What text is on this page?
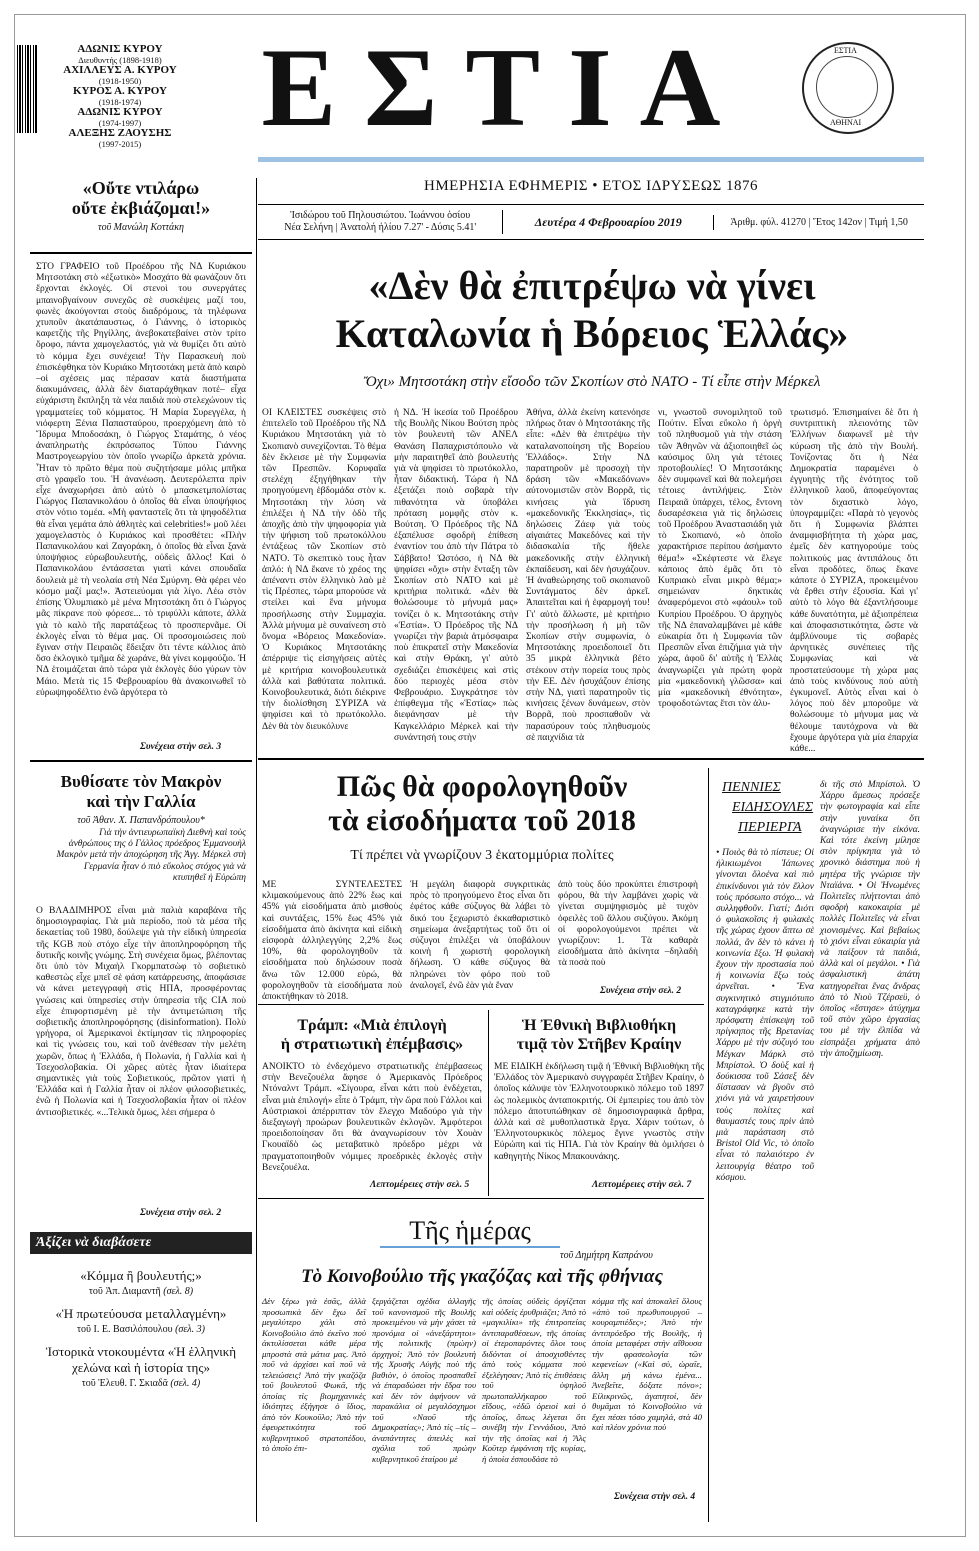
ΑΔΩΝΙΣ ΚΥΡΟΥ
Διευθυντής (1898-1918)
ΑΧΙΛΛΕΥΣ Α. ΚΥΡΟΥ
(1918-1950)
ΚΥΡΟΣ Α. ΚΥΡΟΥ
(1918-1974)
ΑΔΩΝΙΣ ΚΥΡΟΥ
(1974-1997)
ΑΛΕΞΗΣ ΖΑΟΥΣΗΣ
(1997-2015)	ΕΣΤΙΑ	ΕΣΤΙΑ
ΑΘΗΝΑΙ
ΗΜΕΡΗΣΙΑ ΕΦΗΜΕΡΙΣ • ΕΤΟΣ ΙΔΡΥΣΕΩΣ 1876
Ἰσιδώρου τοῦ Πηλουσιώτου. Ἰωάννου ὁσίου
Νέα Σελήνη | Ἀνατολή ἡλίου 7.27' - Δύσις 5.41'	Δευτέρα 4 Φεβρουαρίου 2019	Ἀριθμ. φύλ. 41270 | Ἔτος 142ον | Τιμή 1,50
«Οὔτε ντιλάρω
οὔτε ἐκβιάζομαι!»
τοῦ Μανώλη Κοττάκη
ΣΤΟ ΓΡΑΦΕΙΟ τοῦ Προέδρου τῆς ΝΔ Κυριάκου Μητσοτάκη στὸ «ἐξωτικὸ» Μοσχάτο θὰ φωνάζουν ὅτι ἔρχονται ἐκλογές. Οἱ στενοὶ του συνεργάτες μπαινοβγαίνουν συνεχῶς σὲ συσκέψεις μαζί του, φωνὲς ἀκούγονται στοὺς διαδρόμους, τὰ τηλέφωνα χτυποῦν ἀκατάπαυστως, ὁ Γιάννης, ὁ ἱστορικὸς καφετζὴς τῆς Ρηγίλλης, ἀνεβοκατεβαίνει στὸν τρίτο ὄροφο, πάντα χαμογελαστός, γιὰ νὰ θυμίζει ὅτι αὐτὸ τὸ κόμμα ἔχει συνέχεια! Τὴν Παρασκευὴ ποὺ ἐπισκέφθηκα τὸν Κυριάκο Μητσοτάκη μετὰ ἀπὸ καιρὸ –οἱ σχέσεις μας πέρασαν κατὰ διαστήματα διακυμάνσεις, ἀλλὰ δὲν διαταράχθηκαν ποτέ– εἶχα εὐχάριστη ἔκπληξη τὰ νέα παιδιὰ ποὺ στελεχώνουν τὶς γραμματείες τοῦ κόμματος. Ἡ Μαρία Συρεγγέλα, ἡ νιόφερτη Ξένια Παπασταύρου, προερχόμενη ἀπὸ τὸ Ἵδρυμα Μποδοσάκη, ὁ Γιώργος Σταμάτης, ὁ νέος ἀναπληρωτὴς ἐκπρόσωπος Τύπου Γιάννης Μαστρογεωργίου τὸν ὁποῖο γνωρίζω ἀρκετὰ χρόνια. Ἦταν τὸ πρῶτο θέμα ποὺ συζητήσαμε μόλις μπῆκα στὸ γραφεῖο του. Ἡ ἀνανέωση. Δευτερόλεπτα πρὶν εἶχε ἀναχωρήσει ἀπὸ αὐτὸ ὁ μπασκετμπολίστας Γιώργος Παπανικολάου ὁ ὁποῖος θὰ εἶναι ὑποψήφιος στὸν νότιο τομέα. «Μὴ φανταστεῖς ὅτι τὰ ψηφοδέλτια θὰ εἶναι γεμάτα ἀπὸ ἀθλητὲς καὶ celebrities!» μοῦ λέει χαμογελαστὸς ὁ Κυριάκος καὶ προσθέτει: «Πλὴν Παπανικολάου καὶ Ζαγοράκη, ὁ ὁποῖος θὰ εἶναι ξανὰ ὑποψήφιος εὐρωβουλευτής, οὐδεὶς ἄλλος! Καὶ ὁ Παπανικολάου ἐντάσσεται γιατὶ κάνει σπουδαῖα δουλειὰ μὲ τὴ νεολαία στὴ Νέα Σμύρνη. Θὰ φέρει νέο κόσμο μαζί μας!». Ἀστειεύομαι γιὰ λίγο. Λέω στὸν ἐπίσης Ὀλυμπιακὸ μὲ μένα Μητσοτάκη ὅτι ὁ Γιώργος μᾶς πίκρανε ποὺ φόρεσε... τὸ τριφύλλι κάποτε, ἀλλὰ γιὰ τὸ καλὸ τῆς παρατάξεως τὸ προσπερνᾶμε. Οἱ ἐκλογὲς εἶναι τὸ θέμα μας. Οἱ προσομοιώσεις ποὺ ἔγιναν στὴν Πειραιῶς ἔδειξαν ὅτι τέντε κάλλιος ἀπὸ ὅσο ἐκλογικὸ τμῆμα δὲ χωράνε, θὰ γίνει κομφούζιο. Ἡ ΝΔ ἑτοιμάζεται ἀπὸ τώρα γιὰ ἐκλογὲς δύο γύρων τὸν Μάιο. Μετὰ τὶς 15 Φεβρουαρίου θὰ ἀνακοινωθεῖ τὸ εὐρωψηφοδέλτιο ἐνῶ ἀργότερα τὸ
Συνέχεια στὴν σελ. 3
Βυθίσατε τὸν Μακρὸν
καὶ τὴν Γαλλία
τοῦ Ἀθαν. Χ. Παπανδρόπουλου*
Γιὰ τὴν ἀντιευρωπαϊκὴ Διεθνὴ καὶ τοὺς ἀνθρώπους της ὁ Γάλλος πρόεδρος Ἐμμανουὴλ Μακρὸν μετὰ τὴν ἀποχώρηση τῆς Ἀγγ. Μέρκελ στὴ Γερμανία ἦταν ὁ πιὸ εὔκολος στόχος γιὰ νὰ κτυπηθεῖ ἡ Εὐρώπη
Ο ΒΛΑΔΙΜΗΡΟΣ εἶναι μιὰ παλιὰ καραβάνα τῆς δημοσιογραφίας. Γιὰ μιὰ περίοδο, ποὺ τὰ μέσα τῆς δεκαετίας τοῦ 1980, δούλεψε γιὰ τὴν εἰδικὴ ὑπηρεσία τῆς KGB ποὺ στόχο εἶχε τὴν ἀποπληροφόρηση τῆς δυτικῆς κοινῆς γνώμης. Στὴ συνέχεια ὅμως, βλέποντας ὅτι ὑπὸ τὸν Μιχαὴλ Γκορμπατσὼφ τὸ σοβιετικὸ καθεστὼς εἶχε μπεῖ σὲ φάση κατάρρευσης, ἀποφάσισε νὰ κάνει μετεγγραφὴ στὶς ΗΠΑ, προσφέροντας γνώσεις καὶ ὑπηρεσίες στὴν ὑπηρεσία τῆς CIA ποὺ εἶχε ἐπιφορτισμένη μὲ τὴν ἀντιμετώπιση τῆς σοβιετικῆς ἀποπληροφόρησης (disinformation). Πολὺ γρήγορα, οἱ Ἀμερικανοὶ ἐκτίμησαν τὶς πληροφορίες καὶ τὶς γνώσεις του, καὶ τοῦ ἀνέθεσαν τὴν μελέτη χωρῶν, ὅπως ἡ Ἑλλάδα, ἡ Πολωνία, ἡ Γαλλία καὶ ἡ Τσεχοσλοβακία. Οἱ χῶρες αὐτὲς ἦταν ἰδιαίτερα σημαντικὲς γιὰ τοὺς Σοβιετικούς, πρῶτον γιατὶ ἡ Ἑλλάδα καὶ ἡ Γαλλία ἦταν οἱ πλέον φιλοσοβιετικές, ἐνῶ ἡ Πολωνία καὶ ἡ Τσεχοσλοβακία ἦταν οἱ πλέον ἀντισοβιετικές. «...Τελικὰ ὅμως, λέει σήμερα ὁ
Συνέχεια στὴν σελ. 2
Ἀξίζει νὰ διαβάσετε
«Κόμμα ἢ βουλευτής;»
τοῦ Ἀπ. Διαμαντῆ (σελ. 8)
«Ἡ πρωτεύουσα μεταλλαγμένη»
τοῦ Ι. Ε. Βασιλόπουλου (σελ. 3)
Ἱστορικὰ ντοκουμέντα «Ἡ ἑλληνικὴ χελώνα καὶ ἡ ἱστορία της»
τοῦ Ἐλευθ. Γ. Σκιαδᾶ (σελ. 4)
«Δὲν θὰ ἐπιτρέψω νὰ γίνει
Καταλωνία ἡ Βόρειος Ἑλλάς»
Ὄχι» Μητσοτάκη στὴν εἴσοδο τῶν Σκοπίων στὸ ΝΑΤΟ - Τί εἶπε στὴν Μέρκελ
ΟΙ ΚΛΕΙΣΤΕΣ συσκέψεις στὸ ἐπιτελεῖο τοῦ Προέδρου τῆς ΝΔ Κυριάκου Μητσοτάκη γιὰ τὸ Σκοπιανὸ συνεχίζονται. Τὸ θέμα δὲν ἔκλεισε μὲ τὴν Συμφωνία τῶν Πρεσπῶν. Κορυφαῖα στελέχη ἐξηγήθηκαν τὴν προηγούμενη ἑβδομάδα στὸν κ. Μητσοτάκη τὴν λύση νὰ ἐπιλέξει ἡ ΝΔ τὴν ὁδὸ τῆς ἀποχῆς ἀπὸ τὴν ψηφοφορία γιὰ τὴν ψήφιση τοῦ πρωτοκόλλου ἐντάξεως τῶν Σκοπίων στὸ ΝΑΤΟ. Τὸ σκεπτικὸ τους ἦταν ἁπλό: ἡ ΝΔ ἔκανε τὸ χρέος της ἀπέναντι στὸν ἑλληνικὸ λαὸ μὲ τὶς Πρέσπες, τώρα μπορούσε νὰ στείλει καὶ ἕνα μήνυμα προσήλωσης στὴν Συμμαχία. Ἀλλὰ μήνυμα μὲ συναίνεση στὸ ὄνομα «Βόρειος Μακεδονία». Ὁ Κυριάκος Μητσοτάκης ἀπέρριψε τὶς εἰσηγήσεις αὐτὲς μὲ κριτήρια κοινοβουλευτικὰ ἀλλὰ καὶ βαθύτατα πολιτικά. Κοινοβουλευτικά, διότι διέκρινε τὴν διολίσθηση ΣΥΡΙΖΑ νὰ ψηφίσει καὶ τὸ πρωτόκολλο. Δὲν θὰ τὸν διευκόλυνε
ἡ ΝΔ. Ἡ ἱκεσία τοῦ Προέδρου τῆς Βουλῆς Νίκου Βούτση πρὸς τὸν βουλευτὴ τῶν ΑΝΕΛ Θανάση Παπαχριστόπουλο νὰ μὴν παραιτηθεῖ ἀπὸ βουλευτὴς γιὰ νὰ ψηφίσει τὸ πρωτόκολλο, ἦταν διδακτική. Τώρα ἡ ΝΔ ἐξετάζει ποιὸ σοβαρὰ τὴν πιθανότητα νὰ ὑποβάλει πρόταση μομφῆς στὸν κ. Βούτση. Ὁ Πρόεδρος τῆς ΝΔ ἐξαπέλυσε σφοδρὴ ἐπίθεση ἐναντίον του ἀπὸ τὴν Πάτρα τὸ Σάββατο! Ὡστόσο, ἡ ΝΔ θὰ ψηφίσει «ὄχι» στὴν ἔνταξη τῶν Σκοπίων στὸ ΝΑΤΟ καὶ μὲ κριτήρια πολιτικά. «Δὲν θὰ θολώσουμε τὸ μήνυμά μας» τονίζει ὁ κ. Μητσοτάκης στὴν «Ἑστία». Ὁ Πρόεδρος τῆς ΝΔ γνωρίζει τὴν βαριὰ ἀτμόσφαιρα ποὺ ἐπικρατεῖ στὴν Μακεδονία καὶ στὴν Θράκη, γι' αὐτὸ σχεδιάζει ἐπισκέψεις καὶ στὶς δύο περιοχὲς μέσα στὸν Φεβρουάριο. Συγκράτησε τὸν ἐπίφθεγμα τῆς «Ἑστίας» πὼς διεφάνησαν μὲ τὴν Καγκελλάριο Μέρκελ καὶ τὴν συνάντησή τους στὴν
Ἀθήνα, ἀλλὰ ἐκείνη κατενόησε πλήρως ὅταν ὁ Μητσοτάκης τῆς εἶπε: «Δὲν θὰ ἐπιτρέψω τὴν καταλανοποίηση τῆς Βορείου Ἑλλάδος». Στὴν ΝΔ παρατηροῦν μὲ προσοχὴ τὴν δράση τῶν «Μακεδόνων» αὐτονομιστῶν στὸν Βορρᾶ, τὶς κινήσεις γιὰ ἵδρυση «μακεδονικῆς Ἐκκλησίας», τὶς δηλώσεις Ζάεφ γιὰ τοὺς αἰγαιάτες Μακεδόνες καὶ τὴν διδασκαλία τῆς ἤθελε μακεδονικῆς στὴν ἑλληνικὴ ἐκπαίδευση, καὶ δὲν ἡσυχάζουν. Ἡ ἀναθεώρησης τοῦ σκοπιανοῦ Συντάγματος δὲν ἀρκεῖ. Ἀπαιτεῖται καὶ ἡ ἐφαρμογή του! Γι' αὐτὸ ἄλλωστε, μὲ κριτήριο τὴν προσήλωση ἡ μὴ τῶν Σκοπίων στὴν συμφωνία, ὁ Μητσοτάκης προειδοποιεῖ ὅτι 35 μικρὰ ἑλληνικὰ βέτο στέκουν στὴν πορεία τους πρὸς τὴν ΕΕ. Δὲν ἡσυχάζουν ἐπίσης στὴν ΝΔ, γιατὶ παρατηροῦν τὶς κινήσεις ξένων δυνάμεων, στὸν Βορρᾶ, ποὺ προσπαθοῦν νὰ παρασύρουν τοὺς πληθυσμοὺς σὲ παιχνίδια τὰ
νι, γνωστοῦ συνομιλητοῦ τοῦ Πούτιν. Εἶναι εὔκολο ἡ ὀργὴ τοῦ πληθυσμοῦ γιὰ τὴν στάση τῶν Ἀθηνῶν νὰ ἀξιοποιηθεῖ ὡς καύσιμος ὕλη γιὰ τέτοιες προτοβουλίες! Ὁ Μητσοτάκης δὲν συμφωνεῖ καὶ θὰ πολεμήσει τέτοιες ἀντιλήψεις. Στὸν Πειραιᾶ ὑπάρχει, τέλος, ἔντονη δυσαρέσκεια γιὰ τὶς δηλώσεις τοῦ Προέδρου Ἀναστασιάδη γιὰ τὸ Σκοπιανό, «ὁ ὁποῖο χαρακτήρισε περίπου ἀσήμαντο θέμα!» «Σκέφτεστε νὰ ἔλεγε κάποιος ἀπὸ ἐμᾶς ὅτι τὸ Κυπριακὸ εἶναι μικρὸ θέμα;» σημειώναν δηκτικὰς ἀναφερόμενοι στὸ «φάουλ» τοῦ Κυπρίου Προέδρου. Ὁ ἀρχηγὸς τῆς ΝΔ ἐπαναλαμβάνει μὲ κάθε εὐκαιρία ὅτι ἡ Συμφωνία τῶν Πρεσπῶν εἶναι ἐπιζήμια γιὰ τὴν χώρα, ἀφοῦ δι' αὐτῆς ἡ Ἑλλὰς ἀναγνωρίζει γιὰ πρώτη φορὰ μία «μακεδονικὴ γλῶσσα» καὶ μία «μακεδονικὴ ἐθνότητα», τροφοδοτώντας ἔτσι τὸν ἀλυ-
τρωτισμό. Ἐπισημαίνει δὲ ὅτι ἡ συντριπτικὴ πλειονότης τῶν Ἑλλήνων διαφωνεῖ μὲ τὴν κύρωση τῆς ἀπὸ τὴν Βουλή. Τονίζοντας ὅτι ἡ Νέα Δημοκρατία παραμένει ὁ ἐγγυητὴς τῆς ἑνότητος τοῦ ἑλληνικοῦ λαοῦ, ἀποφεύγοντας τὸν διχαστικὸ λόγο, ὑπογραμμίζει: «Παρὰ τὸ γεγονὸς ὅτι ἡ Συμφωνία βλάπτει ἀναμφισβήτητα τὴ χώρα μας, ἐμεῖς δὲν κατηγορούμε τοὺς πολιτικούς μας ἀντιπάλους ὅτι εἶναι προδότες, ὅπως ἔκανε κάποτε ὁ ΣΥΡΙΖΑ, προκειμένου νὰ ἔρθει στὴν ἐξουσία. Καὶ γι' αὐτὸ τὸ λόγο θὰ ἐξαντλήσουμε κάθε δυνατότητα, μὲ ἀξιοπρέπεια καὶ ἀποφασιστικότητα, ὥστε νὰ ἀμβλύνουμε τὶς σοβαρὲς ἀρνητικὲς συνέπειες τῆς Συμφωνίας καὶ νὰ προστατεύσουμε τὴ χώρα μας ἀπὸ τοὺς κινδύνους ποὺ αὐτὴ ἐγκυμονεῖ. Αὐτὸς εἶναι καὶ ὁ λόγος ποὺ δὲν μποροῦμε νὰ θολώσουμε τὸ μήνυμα μας νὰ θέλουμε ταυτόχρονα νὰ θὰ ἔχουμε ἀργότερα γιὰ μία ἐπαρχία κάθε...
Πῶς θὰ φορολογηθοῦν
τὰ εἰσοδήματα τοῦ 2018
Τί πρέπει νὰ γνωρίζουν 3 ἑκατομμύρια πολίτες
ΜΕ ΣΥΝΤΕΛΕΣΤΕΣ κλιμακούμενους ἀπὸ 22% ἕως καὶ 45% γιὰ εἰσοδήματα ἀπὸ μισθοὺς καὶ συντάξεις, 15% ἕως 45% γιὰ εἰσοδήματα ἀπὸ ἀκίνητα καὶ εἰδικὴ εἰσφορὰ ἀλληλεγγύης 2,2% ἕως 10%, θὰ φορολογηθοῦν τὰ εἰσοδήματα ποὺ δηλώσουν ποσὰ ἄνω τῶν 12.000 εὐρώ, θὰ φορολογηθοῦν τὰ εἰσοδήματα ποὺ ἀποκτήθηκαν τὸ 2018.
Ἡ μεγάλη διαφορὰ συγκριτικὰς πρὸς τὸ προηγούμενο ἔτος εἶναι ὅτι ἐφέτος κάθε σύζυγος θὰ λάβει τὸ δικό του ξεχωριστὸ ἐκκαθαριστικὸ σημείωμα ἀνεξαρτήτως τοῦ ὅτι οἱ σύζυγοι ἐπιλέξει νὰ ὑποβάλουν κοινὴ ἢ χωριστὴ φορολογικὴ δήλωση. Ὁ κάθε σύζυγος θὰ πληρώνει τὸν φόρο ποὺ τοῦ ἀναλογεῖ, ἐνῶ ἐὰν γιὰ ἕναν
ἀπὸ τοὺς δύο προκύπτει ἐπιστροφὴ φόρου, θὰ τὴν λαμβάνει χωρὶς νὰ γίνεται συμψηφισμὸς μὲ τυχὸν ὀφειλὲς τοῦ ἄλλου συζύγου. Ἀκόμη οἱ φορολογούμενοι πρέπει νὰ γνωρίζουν: 1. Τὰ καθαρὰ εἰσοδήματα ἀπὸ ἀκίνητα –δηλαδὴ τὰ ποσὰ ποὺ
Συνέχεια στὴν σελ. 2
Τράμπ: «Μιὰ ἐπιλογὴ
ἡ στρατιωτικὴ ἐπέμβασις»
ΑΝΟΙΚΤΟ τὸ ἐνδεχόμενο στρατιωτικῆς ἐπέμβασεως στὴν Βενεζουέλα ἄφησε ὁ Ἀμερικανὸς Πρόεδρος Ντόναλντ Τράμπ. «Σίγουρα, εἶναι κάτι ποὺ ἐνδέχεται, εἶναι μιὰ ἐπιλογή» εἶπε ὁ Τράμπ, τὴν ὥρα ποὺ Γάλλοι καὶ Αὐστριακοὶ ἀπέρριπταν τὸν ἔλεγχο Μαδούρο γιὰ τὴν διεξαγωγὴ προώρων βουλευτικῶν ἐκλογῶν. Ἀμφότεροι προειδοποίησαν ὅτι θὰ ἀναγνωρίσουν τὸν Χουὰν Γκουαϊδὸ ὡς μεταβατικὸ πρόεδρο μέχρι νὰ πραγματοποιηθοῦν νόμιμες προεδρικὲς ἐκλογὲς στὴν Βενεζουέλα.
Λεπτομέρειες στὴν σελ. 5
Ἡ Ἐθνικὴ Βιβλιοθήκη
τιμᾷ τὸν Στῆβεν Κραίην
ΜΕ ΕΙΔΙΚΗ ἐκδήλωση τιμᾷ ἡ Ἐθνικὴ Βιβλιοθήκη τῆς Ἑλλάδος τὸν Ἀμερικανὸ συγγραφέα Στῆβεν Κραίην, ὁ ὁποῖος κάλυψε τὸν Ἑλληνοτουρκικὸ πόλεμο τοῦ 1897 ὡς πολεμικὸς ἀνταποκριτής. Οἱ ἐμπειρίες του ἀπὸ τὸν πόλεμο ἀποτυπώθηκαν σὲ δημοσιογραφικὰ ἄρθρα, ἀλλὰ καὶ σὲ μυθοπλαστικὰ ἔργα. Χάριν τούτων, ὁ Ἑλληνοτουρκικὸς πόλεμος ἔγινε γνωστὸς στὴν Εὐρώπη καὶ τὶς ΗΠΑ. Γιὰ τὸν Κραίην θὰ ὁμιλήσει ὁ καθηγητὴς Νίκος Μπακουνάκης.
Λεπτομέρειες στὴν σελ. 7
Τῆς ἡμέρας
τοῦ Δημήτρη Καπράνου
Τὸ Κοινοβούλιο τῆς γκαζόζας καὶ τῆς φθήνιας
Δὲν ξέρω γιὰ ἐσᾶς, ἀλλὰ προσωπικὰ δὲν ἔχω δεῖ μεγαλύτερο χάλι στὸ Κοινοβούλιο ἀπὸ ἐκεῖνο ποὺ ἀκτυλίσσεται κάθε μέρα μπροστὰ στὰ μάτια μας. Ἀπὸ ποῦ νὰ ἀρχίσει καὶ ποῦ νὰ τελειώσεις! Ἀπὸ τὴν γκαζόζα τοῦ βουλευτοῦ Φωκᾶ, τῆς ὁποίας τὶς βιομηχανικὲς ἰδιότητες ἐξήγησε ὁ ἴδιος, ἀπὸ τὸν Κουκοῦλο; Ἀπὸ τὴν ἐφευρετικότητα τοῦ κυβερνητικοῦ στρατοπέδου, τὸ ὁποῖο ἐπι-
ξεργάζεται σχέδια ἀλλαγῆς τοῦ κανονισμοῦ τῆς Βουλῆς προκειμένου νὰ μὴν χάσει τὰ προνόμια οἱ «ἀνεξάρτητοι» τῆς πολιτικῆς (πρώην) ἀρχηγοί; Ἀπὸ τὸν βουλευτὴ τῆς Χρυσῆς Αὐγῆς ποὺ τῆς βαθιὸν, ὁ ὁποῖος προσπαθεῖ νὰ ἐπαραδώσει τὴν ἕδρα του καὶ δὲν τὸν ἀφήνουν νὰ παρακάλια οἱ μεγαλόσχημοι τοῦ «Ναοῦ τῆς Δημοκρατίας»; Ἀπὸ τίς –τίς –ἀναπάντητες ἀπειλὲς καὶ σχόλια τοῦ πρώην κυβερνητικοῦ ἑταίρου μὲ
τῆς ὁποίας οὐδεὶς ὀργίζεται καὶ οὐδεὶς ἐρυθριάζει; Ἀπὸ τὸ «μαγκιλίκι» τῆς ἐπιτροπείας ἀντιπαραθέσεων, τῆς ὁποίας οἱ ἐτεροπαρόντες ὅλοι τους διδόνται οἱ ἀποσχισθέντες ἀπὸ τοὺς κόμματα ποὺ ἐξελέγησαν; Ἀπὸ τὶς ἐπιθέσεις τοῦ ὑψηλοῦ πρωτοπαλλήκαρου τοῦ εἴδους, «ἐδῶ ὀρειοὶ καὶ ὁ ὁποῖος, ὅπως λέγεται ὅτι συνέβη τὴν Γεννάδιου, Ἀπὸ τὴν τῆς ὁποῖας καὶ ἡ Ἄλς Κοῦτερ ἐμφάνιση τῆς κυρίας, ἡ ὁποία ἐσπουδάσε τὸ
κόμμα τῆς καὶ ἀποκαλεῖ ὅλους «ἀπὸ τοῦ πρωθυπουργοῦ –κουραμπιέδες»; Ἀπὸ τὴν ἀντιπρόεδρο τῆς Βουλῆς, ἡ ὁποία μεταφέρει στὴν αἴθουσα τὴν φρασεολογία τῶν κεφενείων («Καὶ σὺ, ὡραῖε, ἄλλη μὴ κάνω ἐμένα... Ἀνεβεῖτε, δόξατε πόνο»; Εἰλικρινῶς, ἀγαπητοί, δὲν θυμᾶμαι τὸ Κοινοβούλιο νὰ ἔχει πέσει τόσο χαμηλά, στὰ 40 καὶ πλέον χρόνια ποὺ
Συνέχεια στὴν σελ. 4
ΠΕΝΝΙΕΣ
ΕΙΔΗΣΟΥΛΕΣ
ΠΕΡΙΕΡΓΑ
• Ποιὸς θὰ τὸ πίστευε; Οἱ ἡλικιωμένοι Ἰάπωνες γίνονται ὅλοένα καὶ πιὸ ἐπικίνδυνοι γιὰ τὸν ἔλλον τοὺς πρόσωπο στόχο... νὰ συλληφθοῦν. Γιατί; Διότι ὁ φυλακοῖσις ἡ φυλακὲς τῆς χώρας ἐχουν ἄπτω σὲ πολλά, ἂν δὲν τὸ κάνει ἡ κοινωνία ἔξω. Ἡ φυλακὴ ἔχουν τὴν προστασία ποὺ ἡ κοινωνία ἔξω τοὺς ἀρνεῖται. • Ἕνα συγκινητικὸ στιγμιότυπο καταγράφηκε κατὰ τὴν πρόσφατη ἐπίσκεψη τοῦ πρίγκηπος τῆς Βρετανίας Χάρρυ μὲ τὴν σύζυγό του Μέγκαν Μάρκλ στὸ Μπρίστολ. Ὁ δοὺξ καὶ ἡ δούκισσα τοῦ Σάσεξ δὲν δίστασαν νὰ βγοῦν στὸ χιόνι γιὰ νὰ χαιρετήσουν τοὺς πολίτες καὶ θαυμαστές τους πρὶν ἀπὸ μιὰ παράσταση στὸ Bristol Old Vic, τὸ ὁποῖο εἶναι τὸ παλαιότερο ἐν λειτουργίᾳ θέατρο τοῦ κόσμου.
δι τῆς στὸ Μπρίστολ. Ὁ Χάρρυ ἄμεσως πρόσεξε τὴν φωτογραφία καὶ εἶπε στὴν γυναίκα ὅτι ἀναγνώρισε τὴν εἰκόνα. Καὶ τότε ἐκείνη μίλησε στὸν πρίγκηπα γιὰ τὸ χρονικὸ διάστημα ποὺ ἡ μητέρα τῆς γνώρισε τὴν Νταϊάνα. • Οἱ Ἠνωμένες Πολιτεῖες πλήττονται ἀπὸ σφοδρὴ κακοκαιρία μὲ πολλὲς Πολιτεῖες νὰ εἶναι χιονισμένες. Καὶ βεβαίως τὸ χιόνι εἶναι εὐκαιρία γιὰ νὰ παίξουν τὰ παιδιά, ἀλλὰ καὶ οἱ μεγάλοι. • Γιὰ ἀσφαλιστικὴ ἀπάτη κατηγορεῖται ἕνας ἄνδρας ἀπὸ τὸ Νιοὺ Τζέρσεϋ, ὁ ὁποῖος «ἔστησε» ἀτύχημα τοῦ στὸν χῶρο ἐργασίας του μὲ τὴν ἐλπίδα νὰ εἰσπράξει χρήματα ἀπὸ τὴν ἀποζημίωση.
